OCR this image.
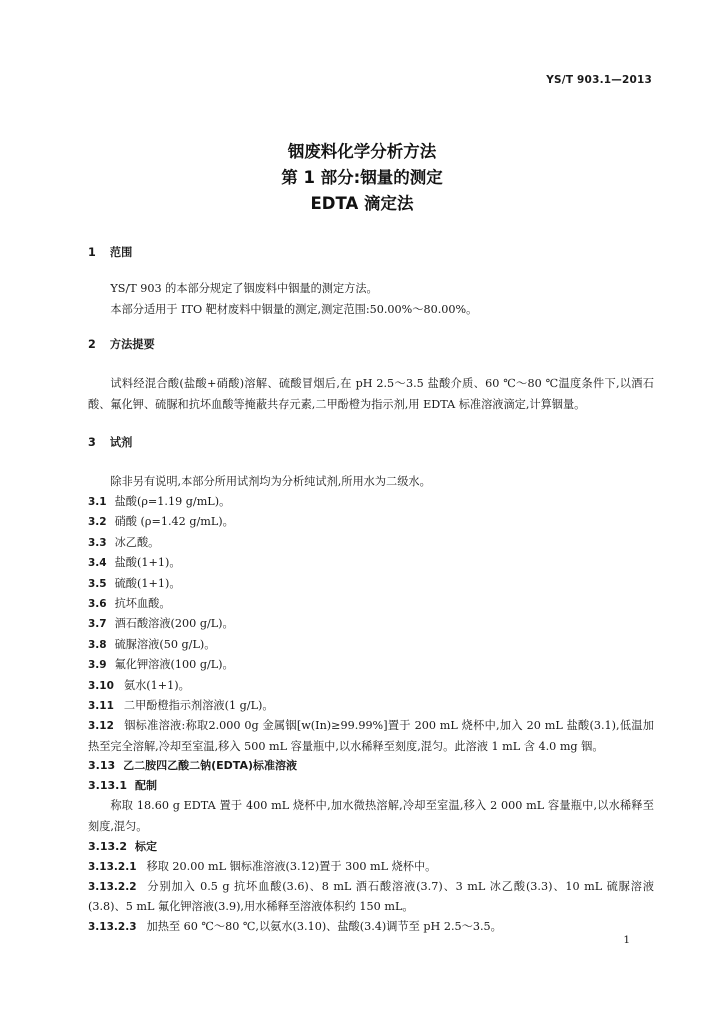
YS/T 903.1—2013
铟废料化学分析方法
第 1 部分:铟量的测定
EDTA 滴定法
1 范围
YS/T 903 的本部分规定了铟废料中铟量的测定方法。
本部分适用于 ITO 靶材废料中铟量的测定,测定范围:50.00%～80.00%。
2 方法提要
试料经混合酸(盐酸+硝酸)溶解、硫酸冒烟后,在 pH 2.5～3.5 盐酸介质、60 ℃～80 ℃温度条件下,以酒石酸、氟化钾、硫脲和抗坏血酸等掩蔽共存元素,二甲酚橙为指示剂,用 EDTA 标准溶液滴定,计算铟量。
3 试剂
除非另有说明,本部分所用试剂均为分析纯试剂,所用水为二级水。
3.1 盐酸(ρ=1.19 g/mL)。
3.2 硝酸 (ρ=1.42 g/mL)。
3.3 冰乙酸。
3.4 盐酸(1+1)。
3.5 硫酸(1+1)。
3.6 抗坏血酸。
3.7 酒石酸溶液(200 g/L)。
3.8 硫脲溶液(50 g/L)。
3.9 氟化钾溶液(100 g/L)。
3.10 氨水(1+1)。
3.11 二甲酚橙指示剂溶液(1 g/L)。
3.12 铟标准溶液:称取2.000 0g 金属铟[w(In)≥99.99%]置于 200 mL 烧杯中,加入 20 mL 盐酸(3.1),低温加热至完全溶解,冷却至室温,移入 500 mL 容量瓶中,以水稀释至刻度,混匀。此溶液 1 mL 含 4.0 mg 铟。
3.13 乙二胺四乙酸二钠(EDTA)标准溶液
3.13.1 配制
称取 18.60 g EDTA 置于 400 mL 烧杯中,加水微热溶解,冷却至室温,移入 2 000 mL 容量瓶中,以水稀释至刻度,混匀。
3.13.2 标定
3.13.2.1 移取 20.00 mL 铟标准溶液(3.12)置于 300 mL 烧杯中。
3.13.2.2 分别加入 0.5 g 抗坏血酸(3.6)、8 mL 酒石酸溶液(3.7)、3 mL 冰乙酸(3.3)、10 mL 硫脲溶液(3.8)、5 mL 氟化钾溶液(3.9),用水稀释至溶液体积约 150 mL。
3.13.2.3 加热至 60 ℃～80 ℃,以氨水(3.10)、盐酸(3.4)调节至 pH 2.5～3.5。
1
